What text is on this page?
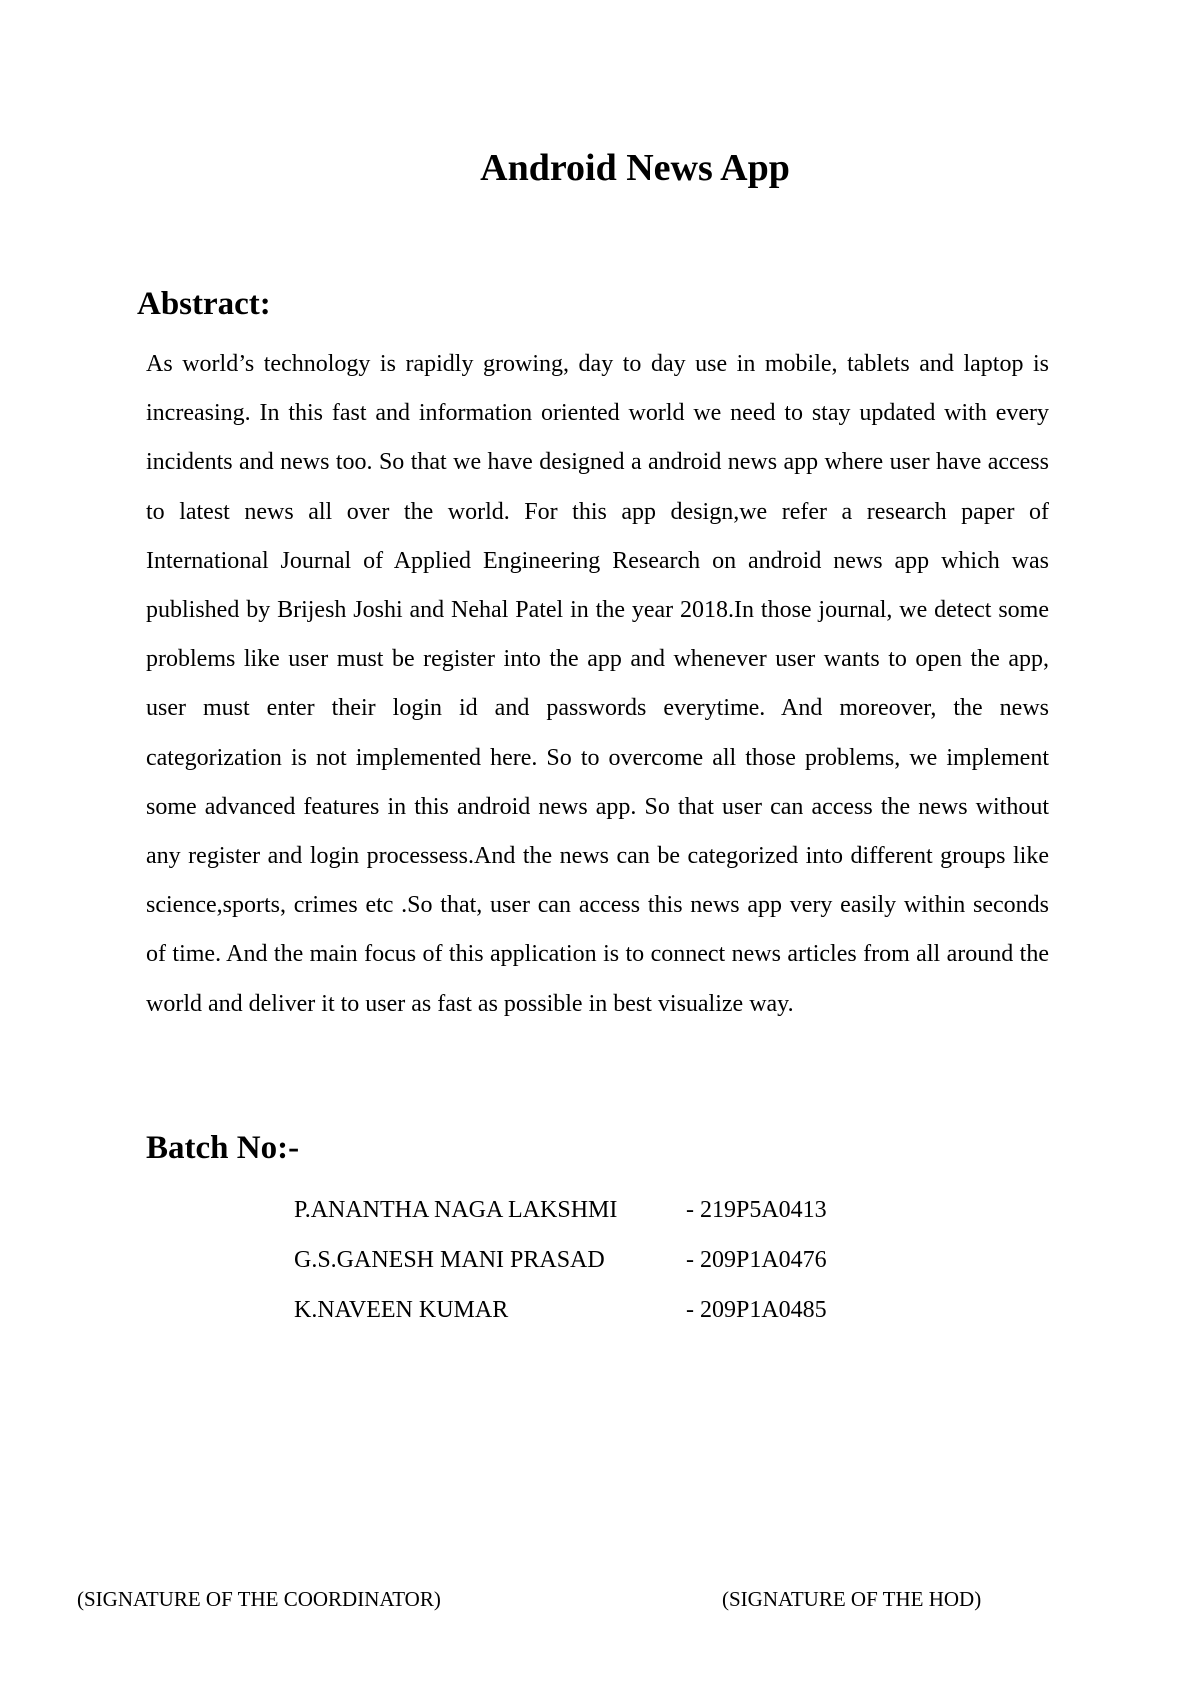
Android News App
Abstract:

As world’s technology is rapidly growing, day to day use in mobile, tablets and laptop is increasing. In this fast and information oriented world we need to stay updated with every incidents and news too. So that we have designed a android news app where user have access to latest news all over the world. For this app design,we refer a research paper of International Journal of Applied Engineering Research on android news app which was published by Brijesh Joshi and Nehal Patel in the year 2018.In those journal, we detect some problems like user must be register into the app and whenever user wants to open the app, user must enter their login id and passwords everytime. And moreover, the news categorization is not implemented here. So to overcome all those problems, we implement some advanced features in this android news app. So that user can access the news without any register and login processess.And the news can be categorized into different groups like science,sports, crimes etc .So that, user can access this news app very easily within seconds of time. And the main focus of this application is to connect news articles from all around the world and deliver it to user as fast as possible in best visualize way.

Batch No:-
P.ANANTHA NAGA LAKSHMI	- 219P5A0413
G.S.GANESH MANI PRASAD	- 209P1A0476
K.NAVEEN KUMAR	- 209P1A0485
(SIGNATURE OF THE COORDINATOR)	(SIGNATURE OF THE HOD)
